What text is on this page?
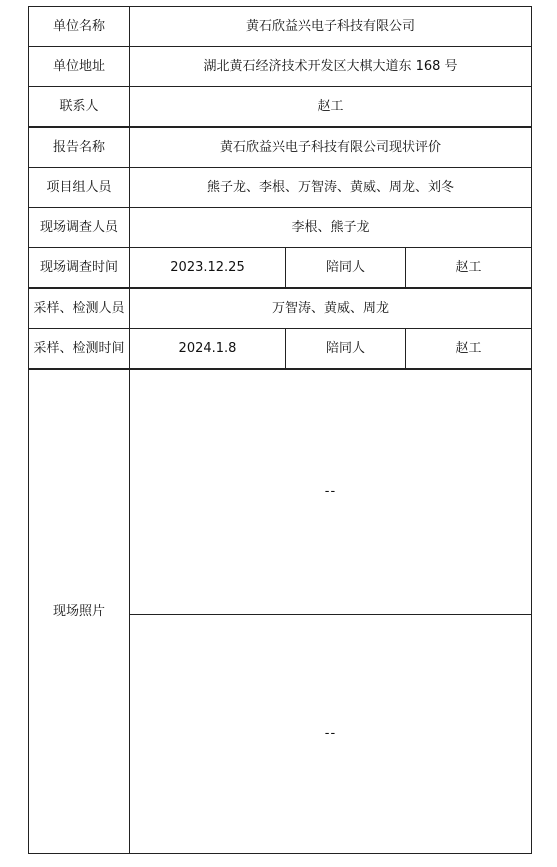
单位名称	黄石欣益兴电子科技有限公司		
单位地址	湖北黄石经济技术开发区大棋大道东 168 号		
联系人	赵工		
报告名称	黄石欣益兴电子科技有限公司现状评价		
项目组人员	熊子龙、李根、万智涛、黄威、周龙、刘冬		
现场调查人员	李根、熊子龙		
现场调查时间	2023.12.25	陪同人	赵工
采样、检测人员	万智涛、黄威、周龙		
采样、检测时间	2024.1.8	陪同人	赵工
现场照片	--		
	--		
